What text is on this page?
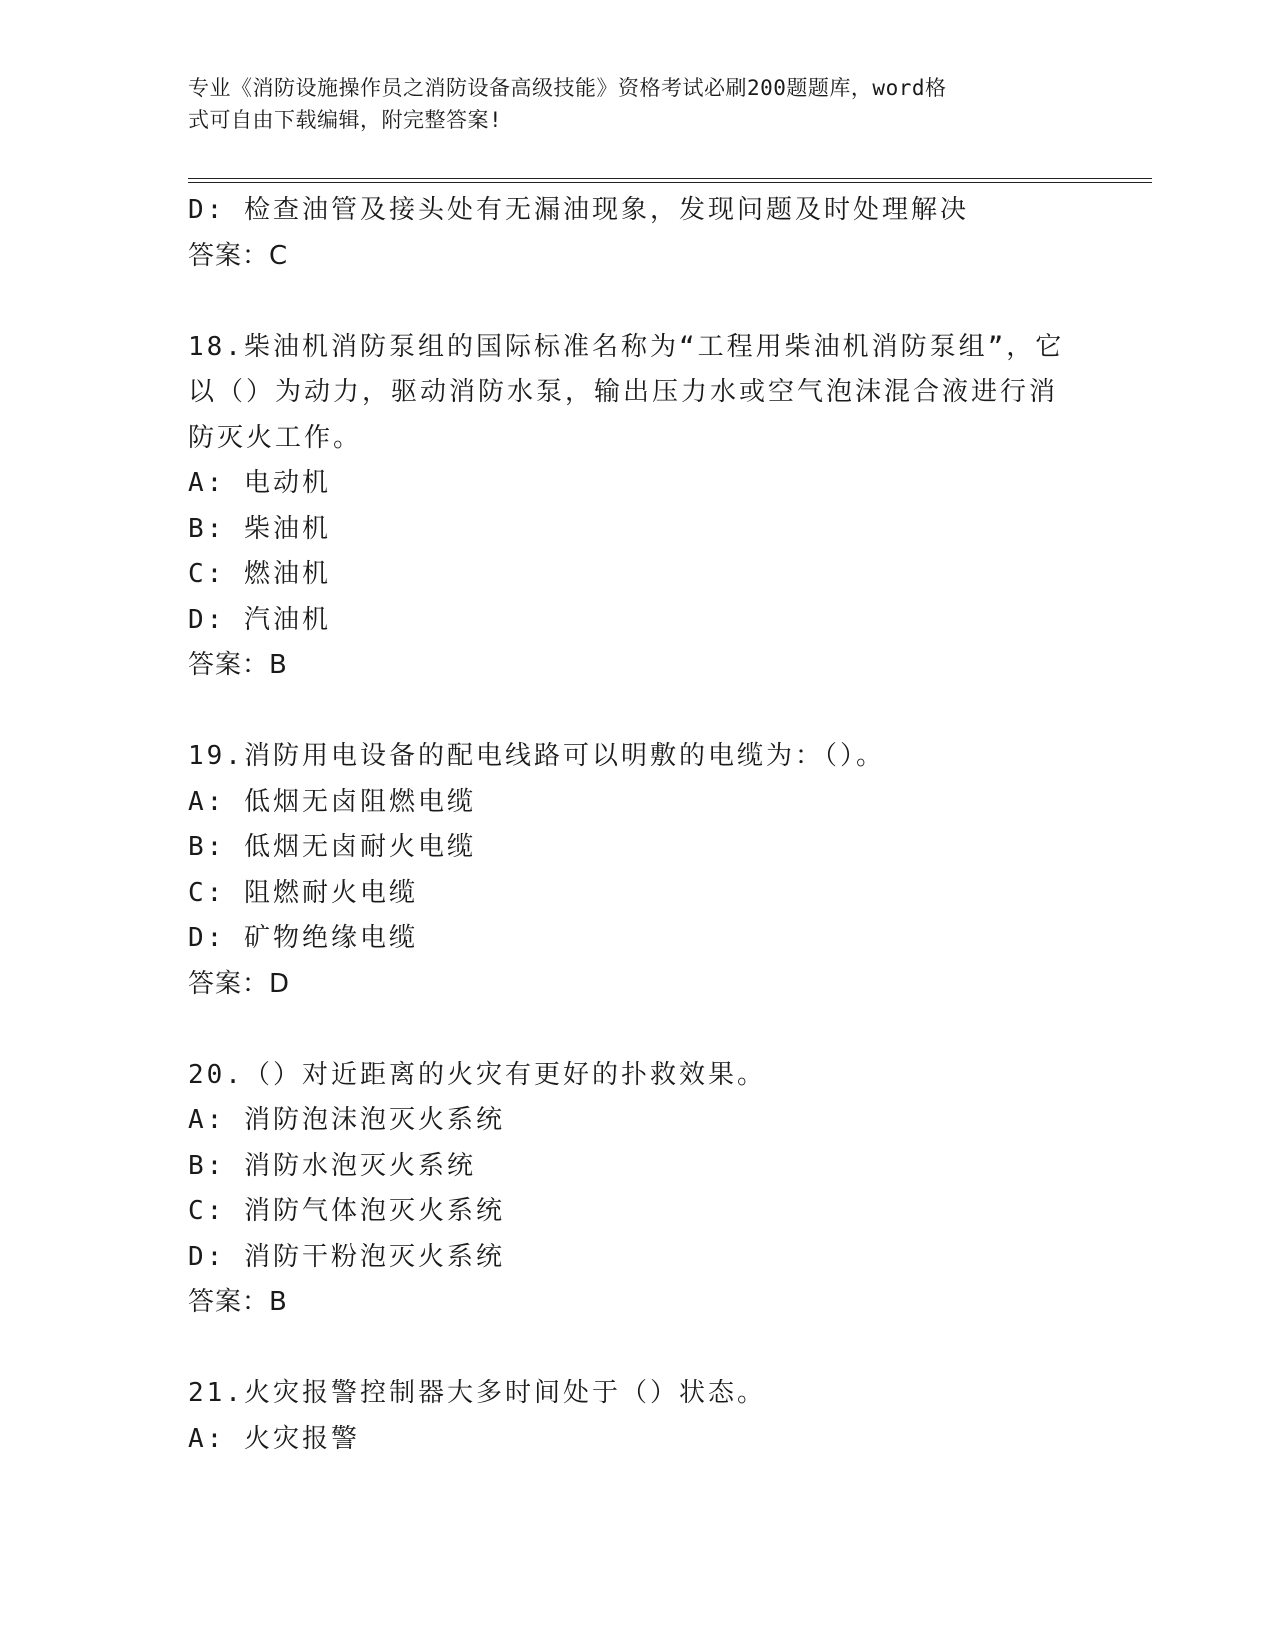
专业《消防设施操作员之消防设备高级技能》资格考试必刷200题题库，word格
式可自由下载编辑，附完整答案!
D: 检查油管及接头处有无漏油现象，发现问题及时处理解决
答案：C
18.柴油机消防泵组的国际标准名称为“工程用柴油机消防泵组”，它
以（）为动力，驱动消防水泵，输出压力水或空气泡沫混合液进行消
防灭火工作。
A: 电动机
B: 柴油机
C: 燃油机
D: 汽油机
答案：B
19.消防用电设备的配电线路可以明敷的电缆为：（）。
A: 低烟无卤阻燃电缆
B: 低烟无卤耐火电缆
C: 阻燃耐火电缆
D: 矿物绝缘电缆
答案：D
20.（）对近距离的火灾有更好的扑救效果。
A: 消防泡沫泡灭火系统
B: 消防水泡灭火系统
C: 消防气体泡灭火系统
D: 消防干粉泡灭火系统
答案：B
21.火灾报警控制器大多时间处于（）状态。
A: 火灾报警
